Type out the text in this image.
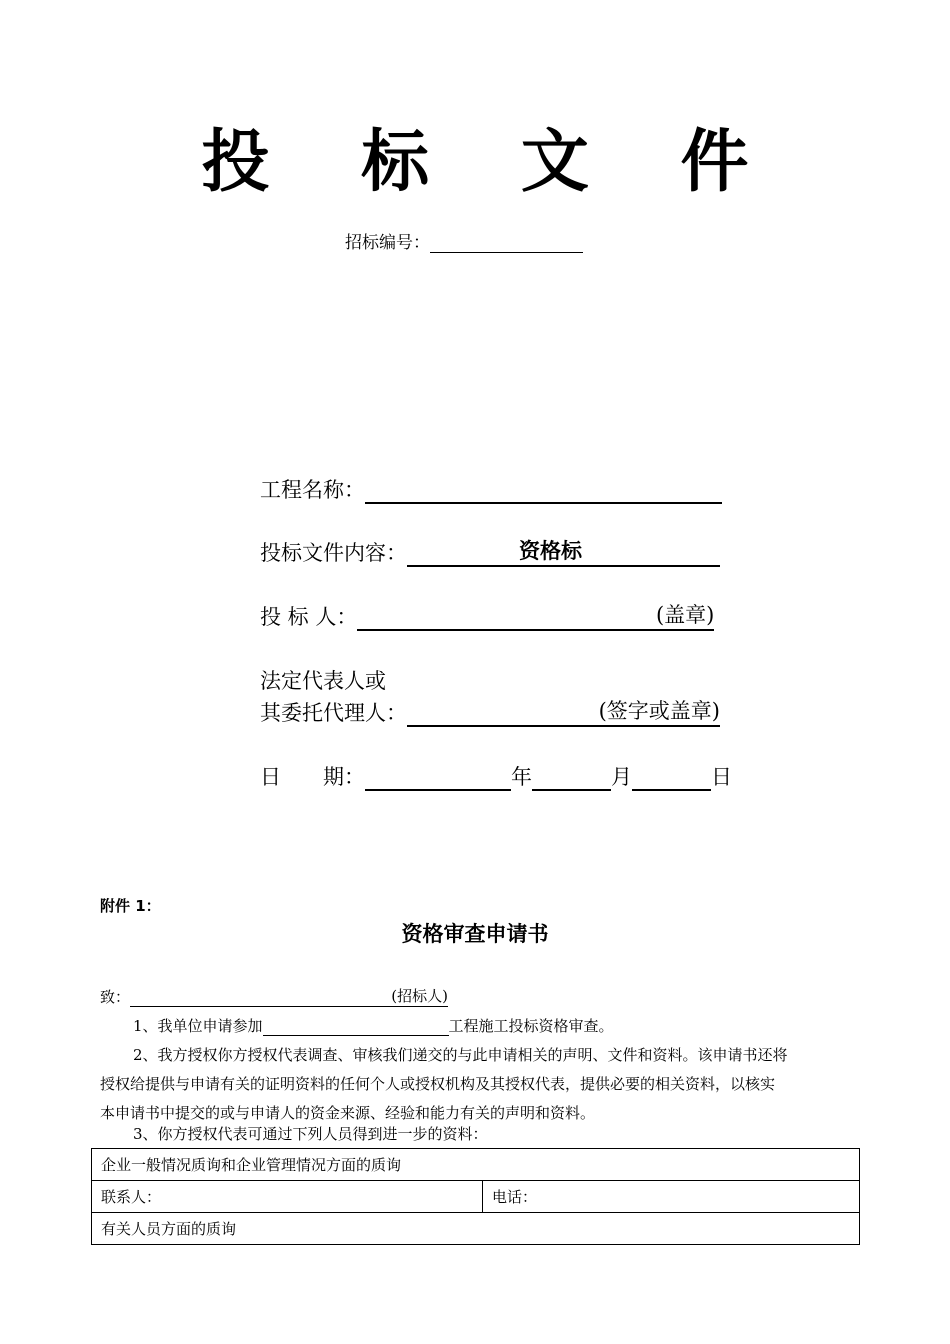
投 标 文 件
招标编号：
工程名称：
投标文件内容：	资格标
投 标 人：	(盖章)
法定代表人或
其委托代理人：	(签字或盖章)
日　　期：	年	月	日
附件 1：
资格审查申请书
致：	(招标人)
1、我单位申请参加	工程施工投标资格审查。
2、我方授权你方授权代表调查、审核我们递交的与此申请相关的声明、文件和资料。该申请书还将
授权给提供与申请有关的证明资料的任何个人或授权机构及其授权代表，提供必要的相关资料，以核实
本申请书中提交的或与申请人的资金来源、经验和能力有关的声明和资料。
3、你方授权代表可通过下列人员得到进一步的资料：
企业一般情况质询和企业管理情况方面的质询
联系人：	电话：
有关人员方面的质询
